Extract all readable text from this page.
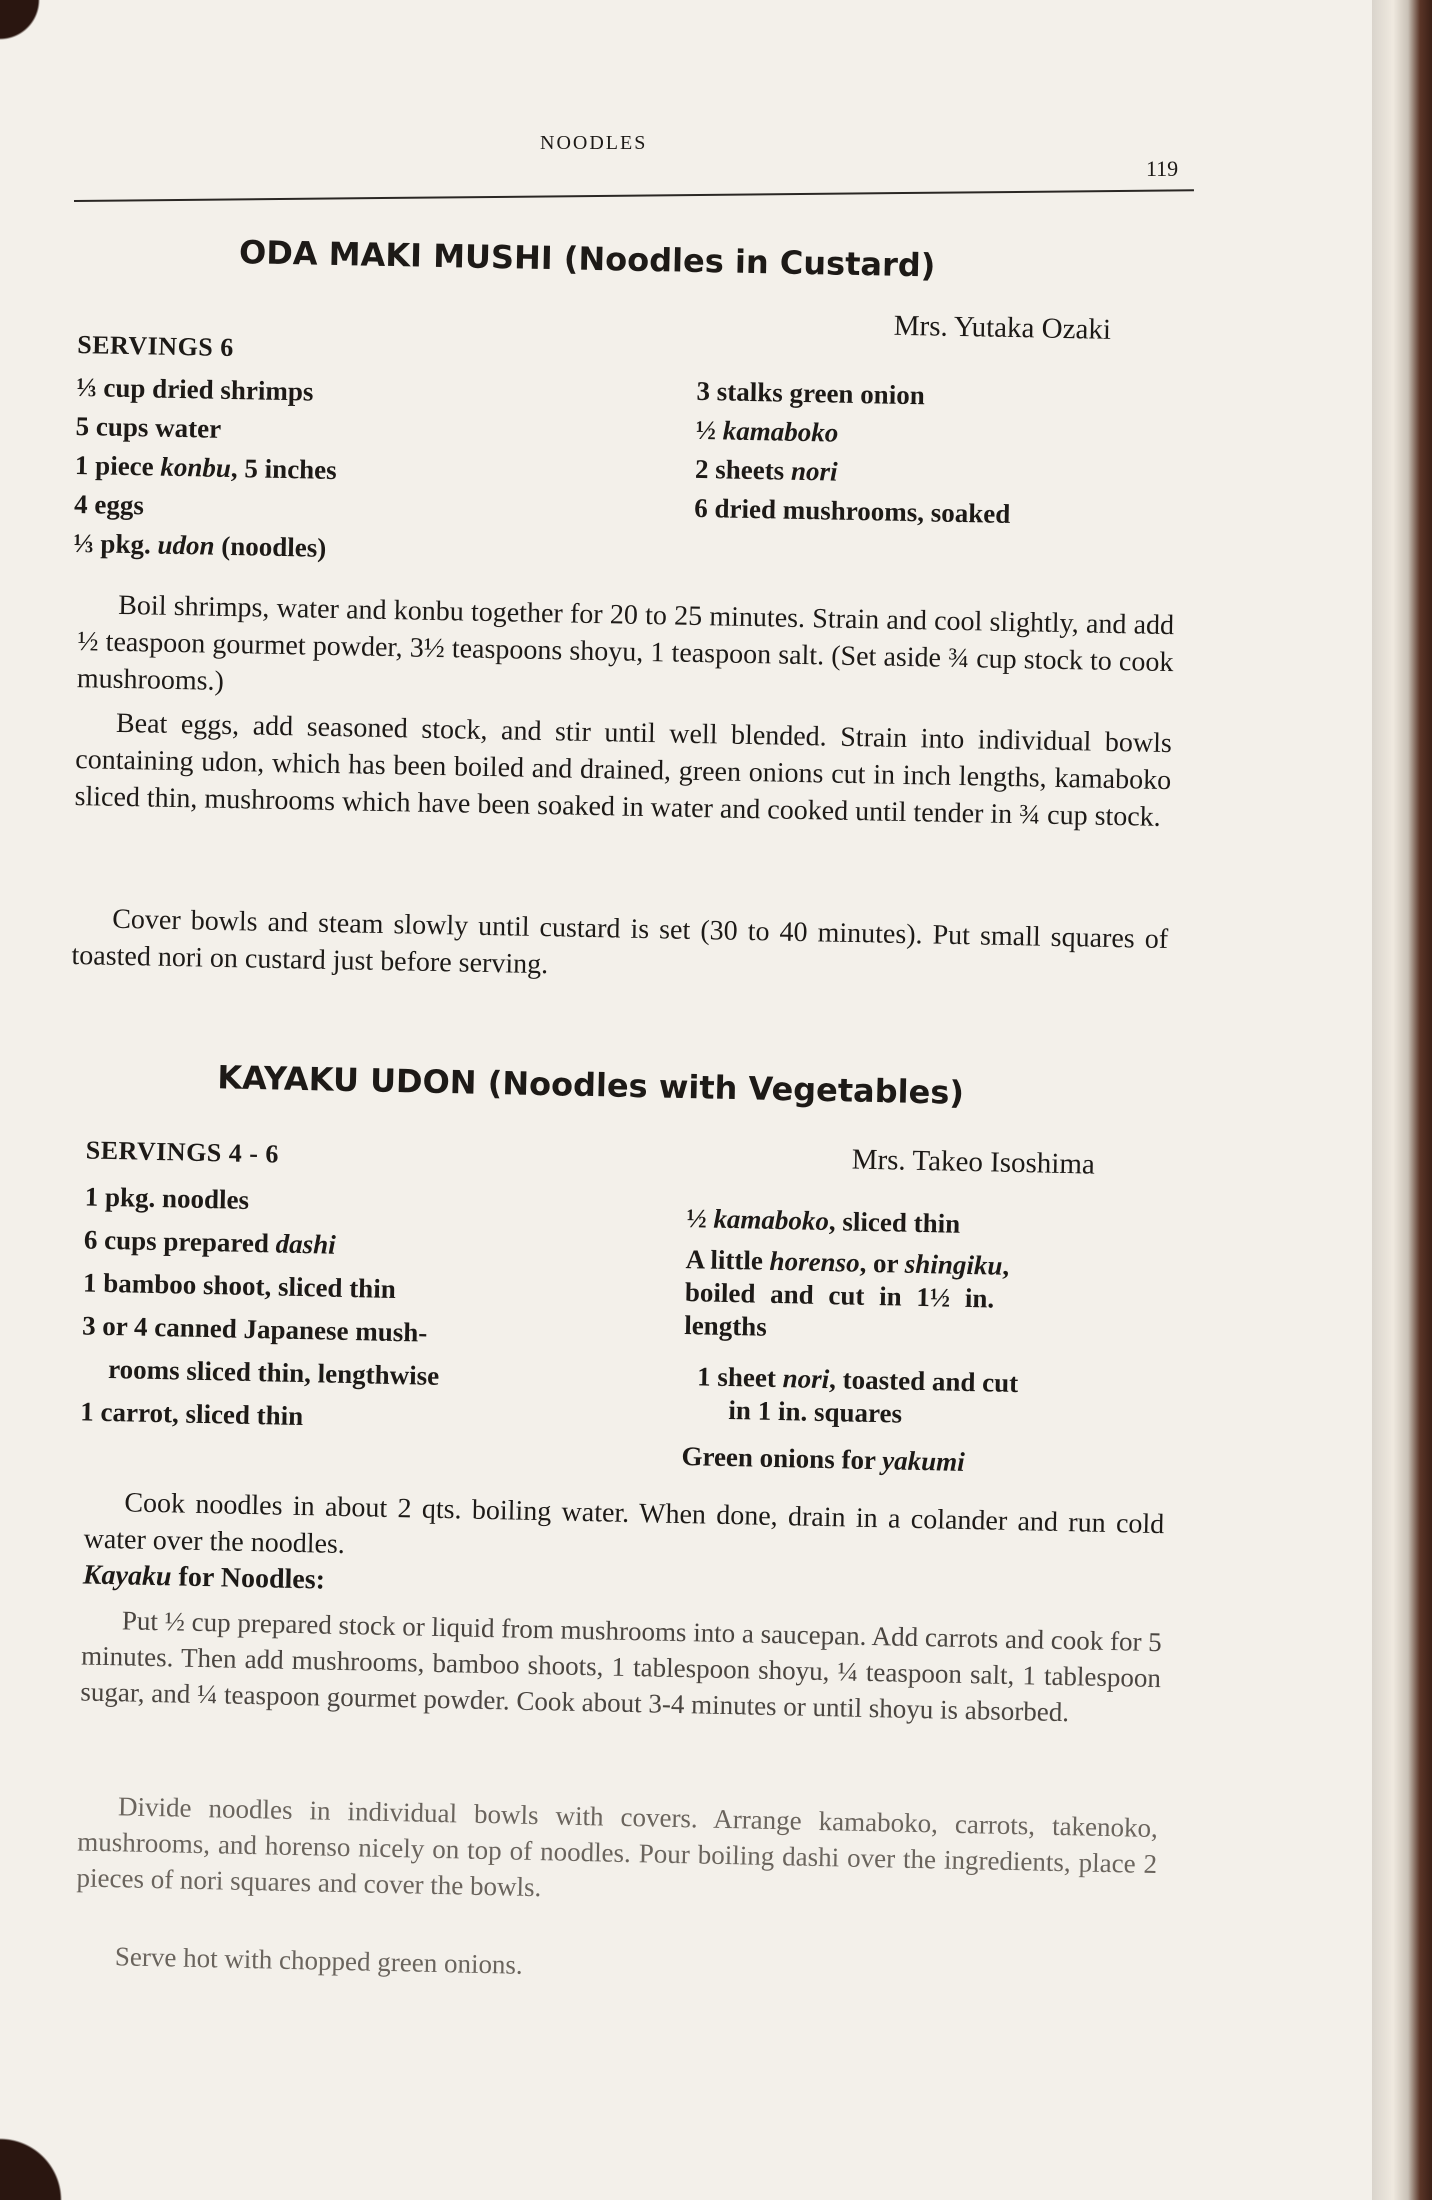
NOODLES
119
ODA MAKI MUSHI (Noodles in Custard)
Mrs. Yutaka Ozaki
SERVINGS 6
⅓ cup dried shrimps
5 cups water
1 piece konbu, 5 inches
4 eggs
⅓ pkg. udon (noodles)
3 stalks green onion
½ kamaboko
2 sheets nori
6 dried mushrooms, soaked
Boil shrimps, water and konbu together for 20 to 25 minutes. Strain and cool slightly, and add ½ teaspoon gourmet powder, 3½ teaspoons shoyu, 1 teaspoon salt. (Set aside ¾ cup stock to cook mushrooms.)
Beat eggs, add seasoned stock, and stir until well blended. Strain into individual bowls containing udon, which has been boiled and drained, green onions cut in inch lengths, kamaboko sliced thin, mushrooms which have been soaked in water and cooked until tender in ¾ cup stock.
Cover bowls and steam slowly until custard is set (30 to 40 minutes). Put small squares of toasted nori on custard just before serving.
KAYAKU UDON (Noodles with Vegetables)
Mrs. Takeo Isoshima
SERVINGS 4 - 6
1 pkg. noodles
6 cups prepared dashi
1 bamboo shoot, sliced thin
3 or 4 canned Japanese mush-
rooms sliced thin, lengthwise
1 carrot, sliced thin
½ kamaboko, sliced thin
A little horenso, or shingiku,
boiled and cut in 1½ in.
lengths
1 sheet nori, toasted and cut
in 1 in. squares
Green onions for yakumi
Cook noodles in about 2 qts. boiling water. When done, drain in a colander and run cold water over the noodles.
Kayaku for Noodles:
Put ½ cup prepared stock or liquid from mushrooms into a saucepan. Add carrots and cook for 5 minutes. Then add mushrooms, bamboo shoots, 1 tablespoon shoyu, ¼ teaspoon salt, 1 tablespoon sugar, and ¼ teaspoon gourmet powder. Cook about 3-4 minutes or until shoyu is absorbed.
Divide noodles in individual bowls with covers. Arrange kamaboko, carrots, takenoko, mushrooms, and horenso nicely on top of noodles. Pour boiling dashi over the ingredients, place 2 pieces of nori squares and cover the bowls.
Serve hot with chopped green onions.
